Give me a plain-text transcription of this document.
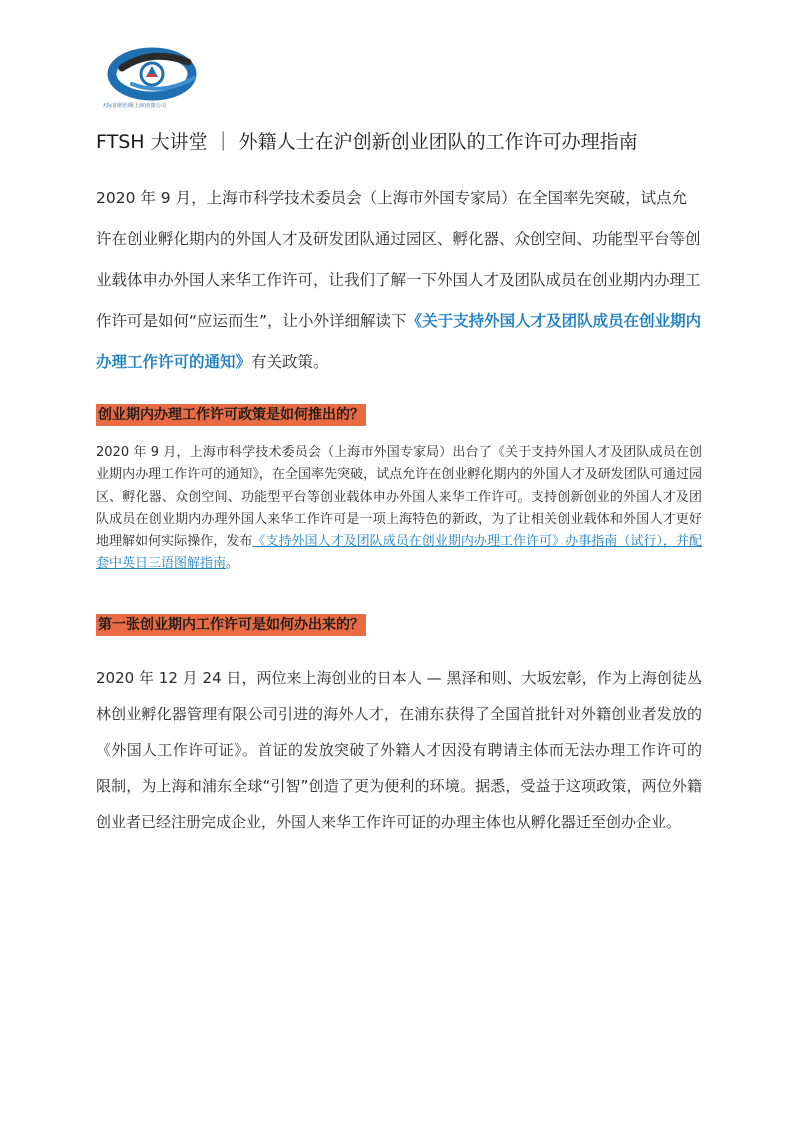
天际首席培训(上海)有限公司
FTSH 大讲堂 ｜ 外籍人士在沪创新创业团队的工作许可办理指南

2020 年 9 月，上海市科学技术委员会（上海市外国专家局）在全国率先突破，试点允许在创业孵化期内的外国人才及研发团队通过园区、孵化器、众创空间、功能型平台等创业载体申办外国人来华工作许可，让我们了解一下外国人才及团队成员在创业期内办理工作许可是如何“应运而生”，让小外详细解读下《关于支持外国人才及团队成员在创业期内办理工作许可的通知》有关政策。

创业期内办理工作许可政策是如何推出的？

2020 年 9 月，上海市科学技术委员会（上海市外国专家局）出台了《关于支持外国人才及团队成员在创业期内办理工作许可的通知》，在全国率先突破，试点允许在创业孵化期内的外国人才及研发团队可通过园区、孵化器、众创空间、功能型平台等创业载体申办外国人来华工作许可。支持创新创业的外国人才及团队成员在创业期内办理外国人来华工作许可是一项上海特色的新政，为了让相关创业载体和外国人才更好地理解如何实际操作，发布《支持外国人才及团队成员在创业期内办理工作许可》办事指南（试行），并配套中英日三语图解指南。

第一张创业期内工作许可是如何办出来的？

2020 年 12 月 24 日，两位来上海创业的日本人 — 黑泽和则、大坂宏彰，作为上海创徒丛林创业孵化器管理有限公司引进的海外人才，在浦东获得了全国首批针对外籍创业者发放的《外国人工作许可证》。首证的发放突破了外籍人才因没有聘请主体而无法办理工作许可的限制，为上海和浦东全球“引智”创造了更为便利的环境。据悉，受益于这项政策，两位外籍创业者已经注册完成企业，外国人来华工作许可证的办理主体也从孵化器迁至创办企业。
